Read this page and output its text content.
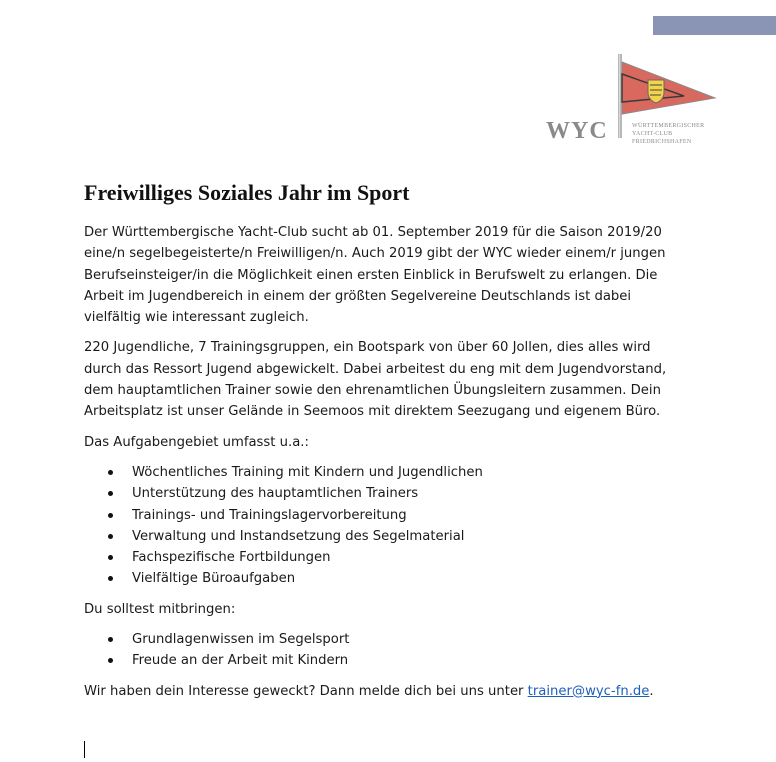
WYC	WÜRTTEMBERGISCHER
YACHT-CLUB
FRIEDRICHSHAFEN
Freiwilliges Soziales Jahr im Sport

Der Württembergische Yacht-Club sucht ab 01. September 2019 für die Saison 2019/20 eine/n segelbegeisterte/n Freiwilligen/n. Auch 2019 gibt der WYC wieder einem/r jungen Berufseinsteiger/in die Möglichkeit einen ersten Einblick in Berufswelt zu erlangen. Die Arbeit im Jugendbereich in einem der größten Segelvereine Deutschlands ist dabei vielfältig wie interessant zugleich.

220 Jugendliche, 7 Trainingsgruppen, ein Bootspark von über 60 Jollen, dies alles wird durch das Ressort Jugend abgewickelt. Dabei arbeitest du eng mit dem Jugendvorstand, dem hauptamtlichen Trainer sowie den ehrenamtlichen Übungsleitern zusammen. Dein Arbeitsplatz ist unser Gelände in Seemoos mit direktem Seezugang und eigenem Büro.

Das Aufgabengebiet umfasst u.a.:

Wöchentliches Training mit Kindern und Jugendlichen
Unterstützung des hauptamtlichen Trainers
Trainings- und Trainingslagervorbereitung
Verwaltung und Instandsetzung des Segelmaterial
Fachspezifische Fortbildungen
Vielfältige Büroaufgaben

Du solltest mitbringen:

Grundlagenwissen im Segelsport
Freude an der Arbeit mit Kindern

Wir haben dein Interesse geweckt? Dann melde dich bei uns unter trainer@wyc-fn.de.
